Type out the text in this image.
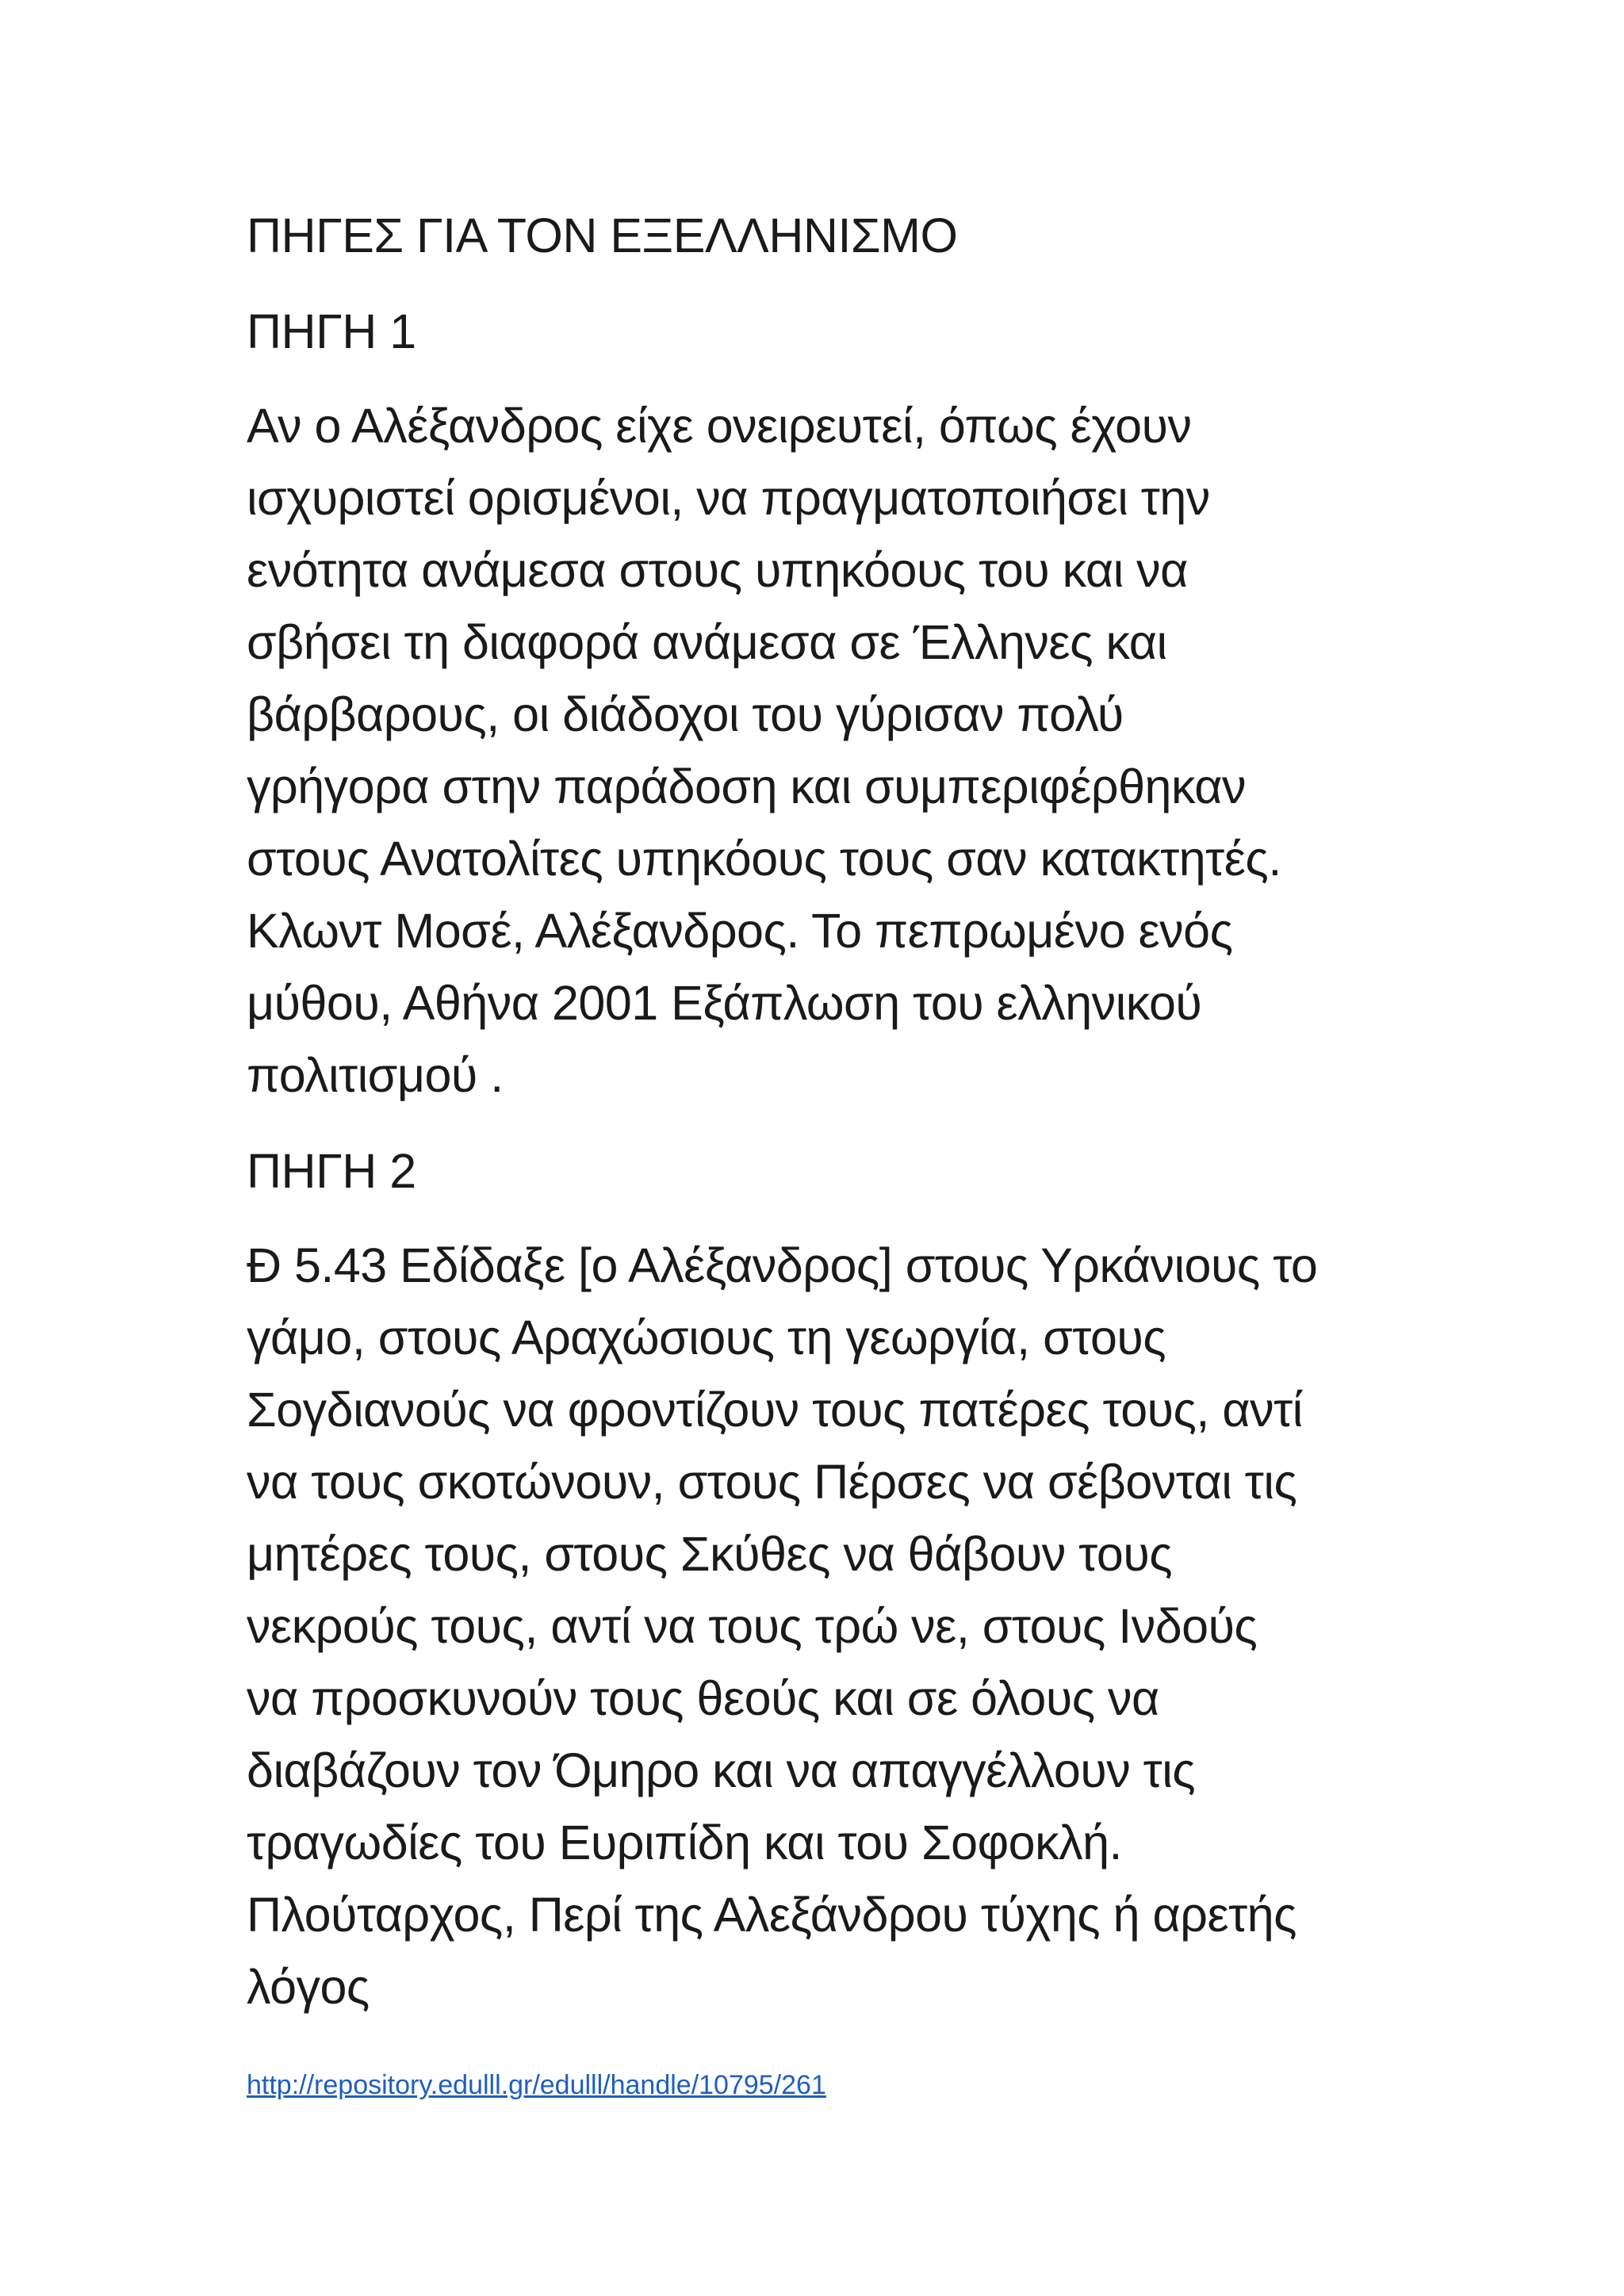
ΠΗΓΕΣ ΓΙΑ ΤΟΝ ΕΞΕΛΛΗΝΙΣΜΟ
ΠΗΓΗ 1
Αν ο Αλέξανδρος είχε ονειρευτεί, όπως έχουν
ισχυριστεί ορισμένοι, να πραγματοποιήσει την
ενότητα ανάμεσα στους υπηκόους του και να
σβήσει τη διαφορά ανάμεσα σε Έλληνες και
βάρβαρους, οι διάδοχοι του γύρισαν πολύ
γρήγορα στην παράδοση και συμπεριφέρθηκαν
στους Ανατολίτες υπηκόους τους σαν κατακτητές.
Κλωντ Μοσέ, Αλέξανδρος. Το πεπρωμένο ενός
μύθου, Αθήνα 2001 Εξάπλωση του ελληνικού
πολιτισμού .
ΠΗΓΗ 2
Ð 5.43 Εδίδαξε [ο Αλέξανδρος] στους Υρκάνιους το
γάμο, στους Αραχώσιους τη γεωργία, στους
Σογδιανούς να φροντίζουν τους πατέρες τους, αντί
να τους σκοτώνουν, στους Πέρσες να σέβονται τις
μητέρες τους, στους Σκύθες να θάβουν τους
νεκρούς τους, αντί να τους τρώ νε, στους Ινδούς
να προσκυνούν τους θεούς και σε όλους να
διαβάζουν τον Όμηρο και να απαγγέλλουν τις
τραγωδίες του Ευριπίδη και του Σοφοκλή.
Πλούταρχος, Περί της Αλεξάνδρου τύχης ή αρετής
λόγος
http://repository.edulll.gr/edulll/handle/10795/261
